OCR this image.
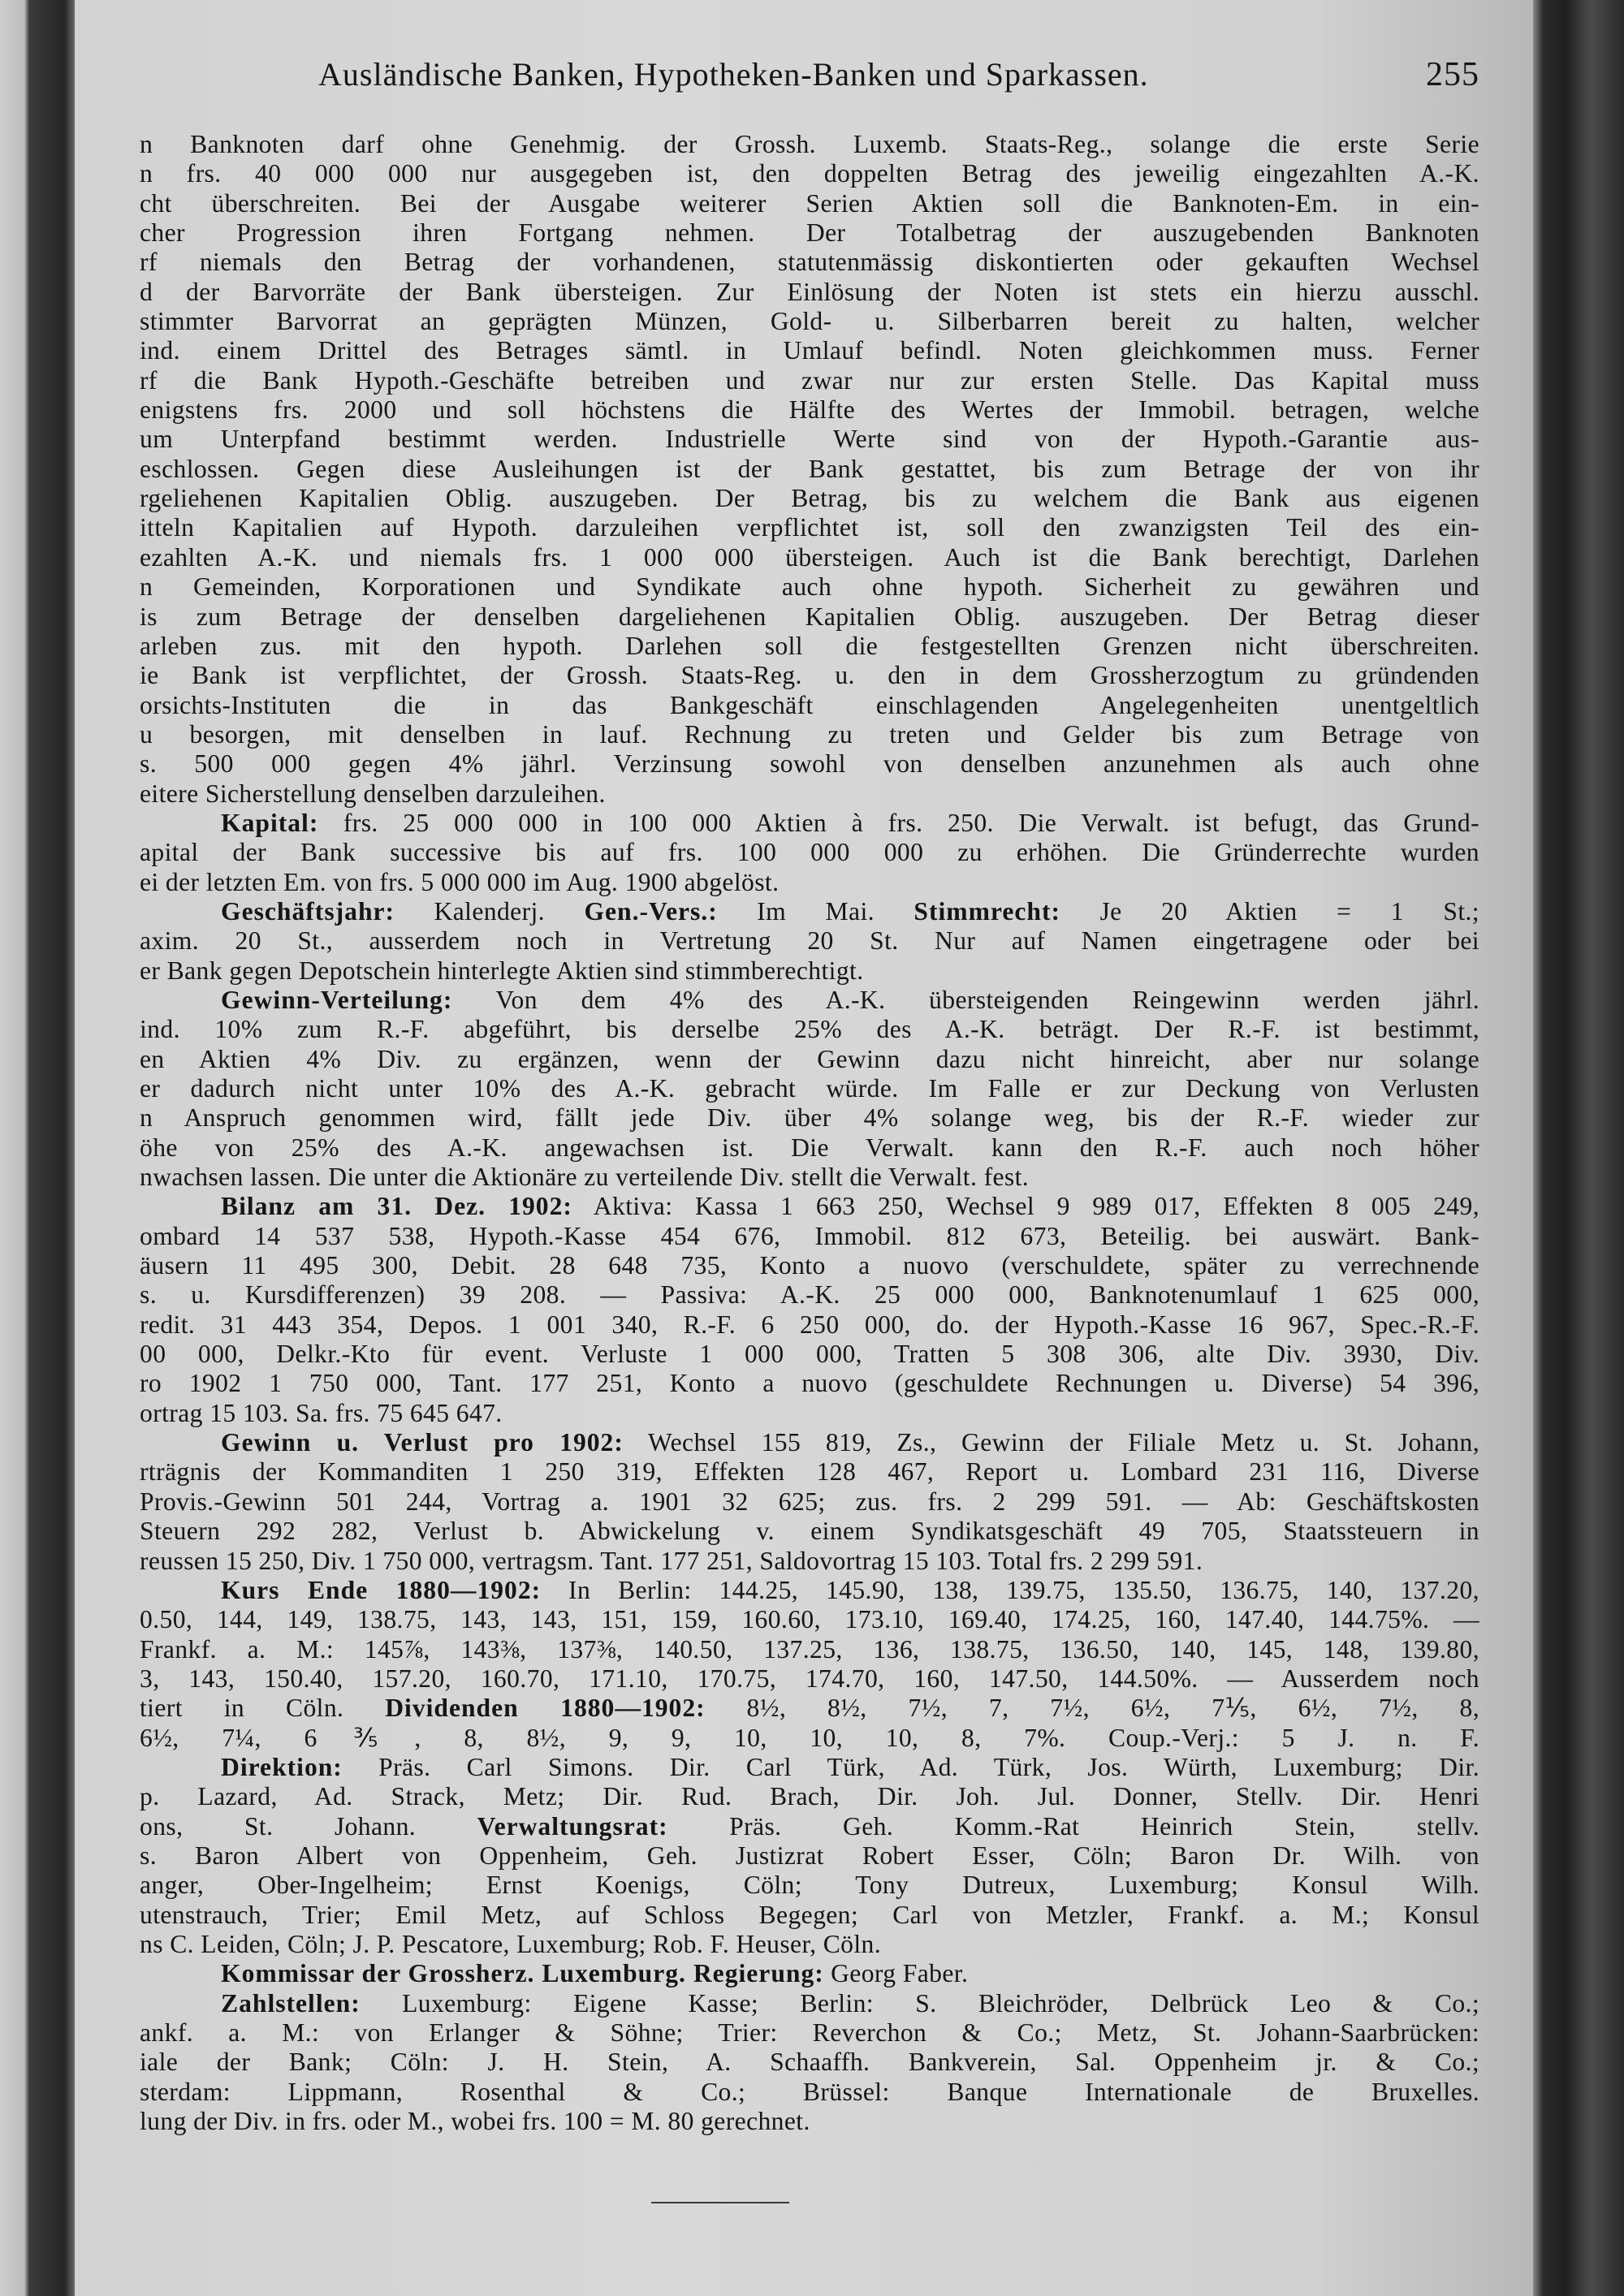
Ausländische Banken, Hypotheken-Banken und Sparkassen.	255
n Banknoten darf ohne Genehmig. der Grossh. Luxemb. Staats-Reg., solange die erste Serie
n frs. 40 000 000 nur ausgegeben ist, den doppelten Betrag des jeweilig eingezahlten A.-K.
cht überschreiten. Bei der Ausgabe weiterer Serien Aktien soll die Banknoten-Em. in ein-
cher Progression ihren Fortgang nehmen. Der Totalbetrag der auszugebenden Banknoten
rf niemals den Betrag der vorhandenen, statutenmässig diskontierten oder gekauften Wechsel
d der Barvorräte der Bank übersteigen. Zur Einlösung der Noten ist stets ein hierzu ausschl.
stimmter Barvorrat an geprägten Münzen, Gold- u. Silberbarren bereit zu halten, welcher
ind. einem Drittel des Betrages sämtl. in Umlauf befindl. Noten gleichkommen muss. Ferner
rf die Bank Hypoth.-Geschäfte betreiben und zwar nur zur ersten Stelle. Das Kapital muss
enigstens frs. 2000 und soll höchstens die Hälfte des Wertes der Immobil. betragen, welche
um Unterpfand bestimmt werden. Industrielle Werte sind von der Hypoth.-Garantie aus-
eschlossen. Gegen diese Ausleihungen ist der Bank gestattet, bis zum Betrage der von ihr
rgeliehenen Kapitalien Oblig. auszugeben. Der Betrag, bis zu welchem die Bank aus eigenen
itteln Kapitalien auf Hypoth. darzuleihen verpflichtet ist, soll den zwanzigsten Teil des ein-
ezahlten A.-K. und niemals frs. 1 000 000 übersteigen. Auch ist die Bank berechtigt, Darlehen
n Gemeinden, Korporationen und Syndikate auch ohne hypoth. Sicherheit zu gewähren und
is zum Betrage der denselben dargeliehenen Kapitalien Oblig. auszugeben. Der Betrag dieser
arleben zus. mit den hypoth. Darlehen soll die festgestellten Grenzen nicht überschreiten.
ie Bank ist verpflichtet, der Grossh. Staats-Reg. u. den in dem Grossherzogtum zu gründenden
orsichts-Instituten die in das Bankgeschäft einschlagenden Angelegenheiten unentgeltlich
u besorgen, mit denselben in lauf. Rechnung zu treten und Gelder bis zum Betrage von
s. 500 000 gegen 4% jährl. Verzinsung sowohl von denselben anzunehmen als auch ohne
eitere Sicherstellung denselben darzuleihen.
Kapital: frs. 25 000 000 in 100 000 Aktien à frs. 250. Die Verwalt. ist befugt, das Grund-
apital der Bank successive bis auf frs. 100 000 000 zu erhöhen. Die Gründerrechte wurden
ei der letzten Em. von frs. 5 000 000 im Aug. 1900 abgelöst.
Geschäftsjahr: Kalenderj. Gen.-Vers.: Im Mai. Stimmrecht: Je 20 Aktien = 1 St.;
axim. 20 St., ausserdem noch in Vertretung 20 St. Nur auf Namen eingetragene oder bei
er Bank gegen Depotschein hinterlegte Aktien sind stimmberechtigt.
Gewinn-Verteilung: Von dem 4% des A.-K. übersteigenden Reingewinn werden jährl.
ind. 10% zum R.-F. abgeführt, bis derselbe 25% des A.-K. beträgt. Der R.-F. ist bestimmt,
en Aktien 4% Div. zu ergänzen, wenn der Gewinn dazu nicht hinreicht, aber nur solange
er dadurch nicht unter 10% des A.-K. gebracht würde. Im Falle er zur Deckung von Verlusten
n Anspruch genommen wird, fällt jede Div. über 4% solange weg, bis der R.-F. wieder zur
öhe von 25% des A.-K. angewachsen ist. Die Verwalt. kann den R.-F. auch noch höher
nwachsen lassen. Die unter die Aktionäre zu verteilende Div. stellt die Verwalt. fest.
Bilanz am 31. Dez. 1902: Aktiva: Kassa 1 663 250, Wechsel 9 989 017, Effekten 8 005 249,
ombard 14 537 538, Hypoth.-Kasse 454 676, Immobil. 812 673, Beteilig. bei auswärt. Bank-
äusern 11 495 300, Debit. 28 648 735, Konto a nuovo (verschuldete, später zu verrechnende
s. u. Kursdifferenzen) 39 208. — Passiva: A.-K. 25 000 000, Banknotenumlauf 1 625 000,
redit. 31 443 354, Depos. 1 001 340, R.-F. 6 250 000, do. der Hypoth.-Kasse 16 967, Spec.-R.-F.
00 000, Delkr.-Kto für event. Verluste 1 000 000, Tratten 5 308 306, alte Div. 3930, Div.
ro 1902 1 750 000, Tant. 177 251, Konto a nuovo (geschuldete Rechnungen u. Diverse) 54 396,
ortrag 15 103. Sa. frs. 75 645 647.
Gewinn u. Verlust pro 1902: Wechsel 155 819, Zs., Gewinn der Filiale Metz u. St. Johann,
rträgnis der Kommanditen 1 250 319, Effekten 128 467, Report u. Lombard 231 116, Diverse
Provis.-Gewinn 501 244, Vortrag a. 1901 32 625; zus. frs. 2 299 591. — Ab: Geschäftskosten
Steuern 292 282, Verlust b. Abwickelung v. einem Syndikatsgeschäft 49 705, Staatssteuern in
reussen 15 250, Div. 1 750 000, vertragsm. Tant. 177 251, Saldovortrag 15 103. Total frs. 2 299 591.
Kurs Ende 1880—1902: In Berlin: 144.25, 145.90, 138, 139.75, 135.50, 136.75, 140, 137.20,
0.50, 144, 149, 138.75, 143, 143, 151, 159, 160.60, 173.10, 169.40, 174.25, 160, 147.40, 144.75%. —
Frankf. a. M.: 145⅞, 143⅜, 137⅜, 140.50, 137.25, 136, 138.75, 136.50, 140, 145, 148, 139.80,
3, 143, 150.40, 157.20, 160.70, 171.10, 170.75, 174.70, 160, 147.50, 144.50%. — Ausserdem noch
tiert in Cöln. Dividenden 1880—1902: 8½, 8½, 7½, 7, 7½, 6½, 7⅕, 6½, 7½, 8,
6½, 7¼, 6⅗, 8, 8½, 9, 9, 10, 10, 10, 8, 7%. Coup.-Verj.: 5 J. n. F.
Direktion: Präs. Carl Simons. Dir. Carl Türk, Ad. Türk, Jos. Würth, Luxemburg; Dir.
p. Lazard, Ad. Strack, Metz; Dir. Rud. Brach, Dir. Joh. Jul. Donner, Stellv. Dir. Henri
ons, St. Johann. Verwaltungsrat: Präs. Geh. Komm.-Rat Heinrich Stein, stellv.
s. Baron Albert von Oppenheim, Geh. Justizrat Robert Esser, Cöln; Baron Dr. Wilh. von
anger, Ober-Ingelheim; Ernst Koenigs, Cöln; Tony Dutreux, Luxemburg; Konsul Wilh.
utenstrauch, Trier; Emil Metz, auf Schloss Begegen; Carl von Metzler, Frankf. a. M.; Konsul
ns C. Leiden, Cöln; J. P. Pescatore, Luxemburg; Rob. F. Heuser, Cöln.
Kommissar der Grossherz. Luxemburg. Regierung: Georg Faber.
Zahlstellen: Luxemburg: Eigene Kasse; Berlin: S. Bleichröder, Delbrück Leo & Co.;
ankf. a. M.: von Erlanger & Söhne; Trier: Reverchon & Co.; Metz, St. Johann-Saarbrücken:
iale der Bank; Cöln: J. H. Stein, A. Schaaffh. Bankverein, Sal. Oppenheim jr. & Co.;
sterdam: Lippmann, Rosenthal & Co.; Brüssel: Banque Internationale de Bruxelles.
lung der Div. in frs. oder M., wobei frs. 100 = M. 80 gerechnet.
